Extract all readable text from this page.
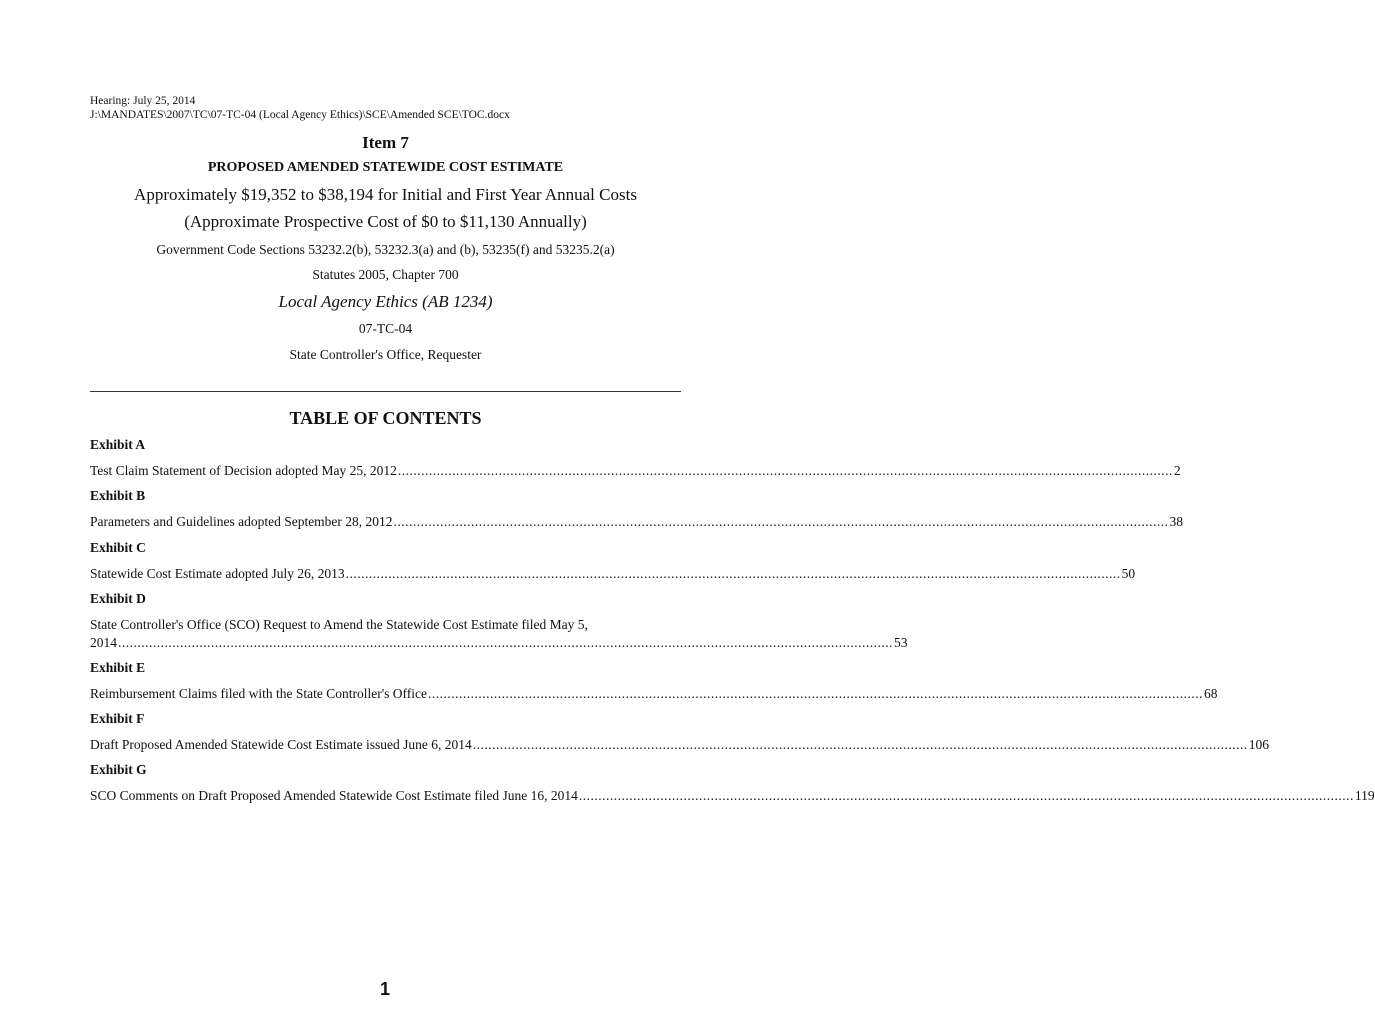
Hearing: July 25, 2014
J:\MANDATES\2007\TC\07-TC-04 (Local Agency Ethics)\SCE\Amended SCE\TOC.docx
Item 7
PROPOSED AMENDED STATEWIDE COST ESTIMATE
Approximately $19,352 to $38,194 for Initial and First Year Annual Costs
(Approximate Prospective Cost of $0 to $11,130 Annually)
Government Code Sections 53232.2(b), 53232.3(a) and (b), 53235(f) and 53235.2(a)
Statutes 2005, Chapter 700
Local Agency Ethics (AB 1234)
07-TC-04
State Controller's Office, Requester
TABLE OF CONTENTS
Exhibit A
Test Claim Statement of Decision adopted May 25, 2012 ........................................................................................................................................................................................................ 2
Exhibit B
Parameters and Guidelines adopted September 28, 2012 ........................................................................................................................................................................................................ 38
Exhibit C
Statewide Cost Estimate adopted July 26, 2013 ........................................................................................................................................................................................................ 50
Exhibit D
State Controller's Office (SCO) Request to Amend the Statewide Cost Estimate filed May 5,
2014 ........................................................................................................................................................................................................ 53
Exhibit E
Reimbursement Claims filed with the State Controller's Office ........................................................................................................................................................................................................ 68
Exhibit F
Draft Proposed Amended Statewide Cost Estimate issued June 6, 2014 ........................................................................................................................................................................................................ 106
Exhibit G
SCO Comments on Draft Proposed Amended Statewide Cost Estimate filed June 16, 2014 ........................................................................................................................................................................................................ 119
1
